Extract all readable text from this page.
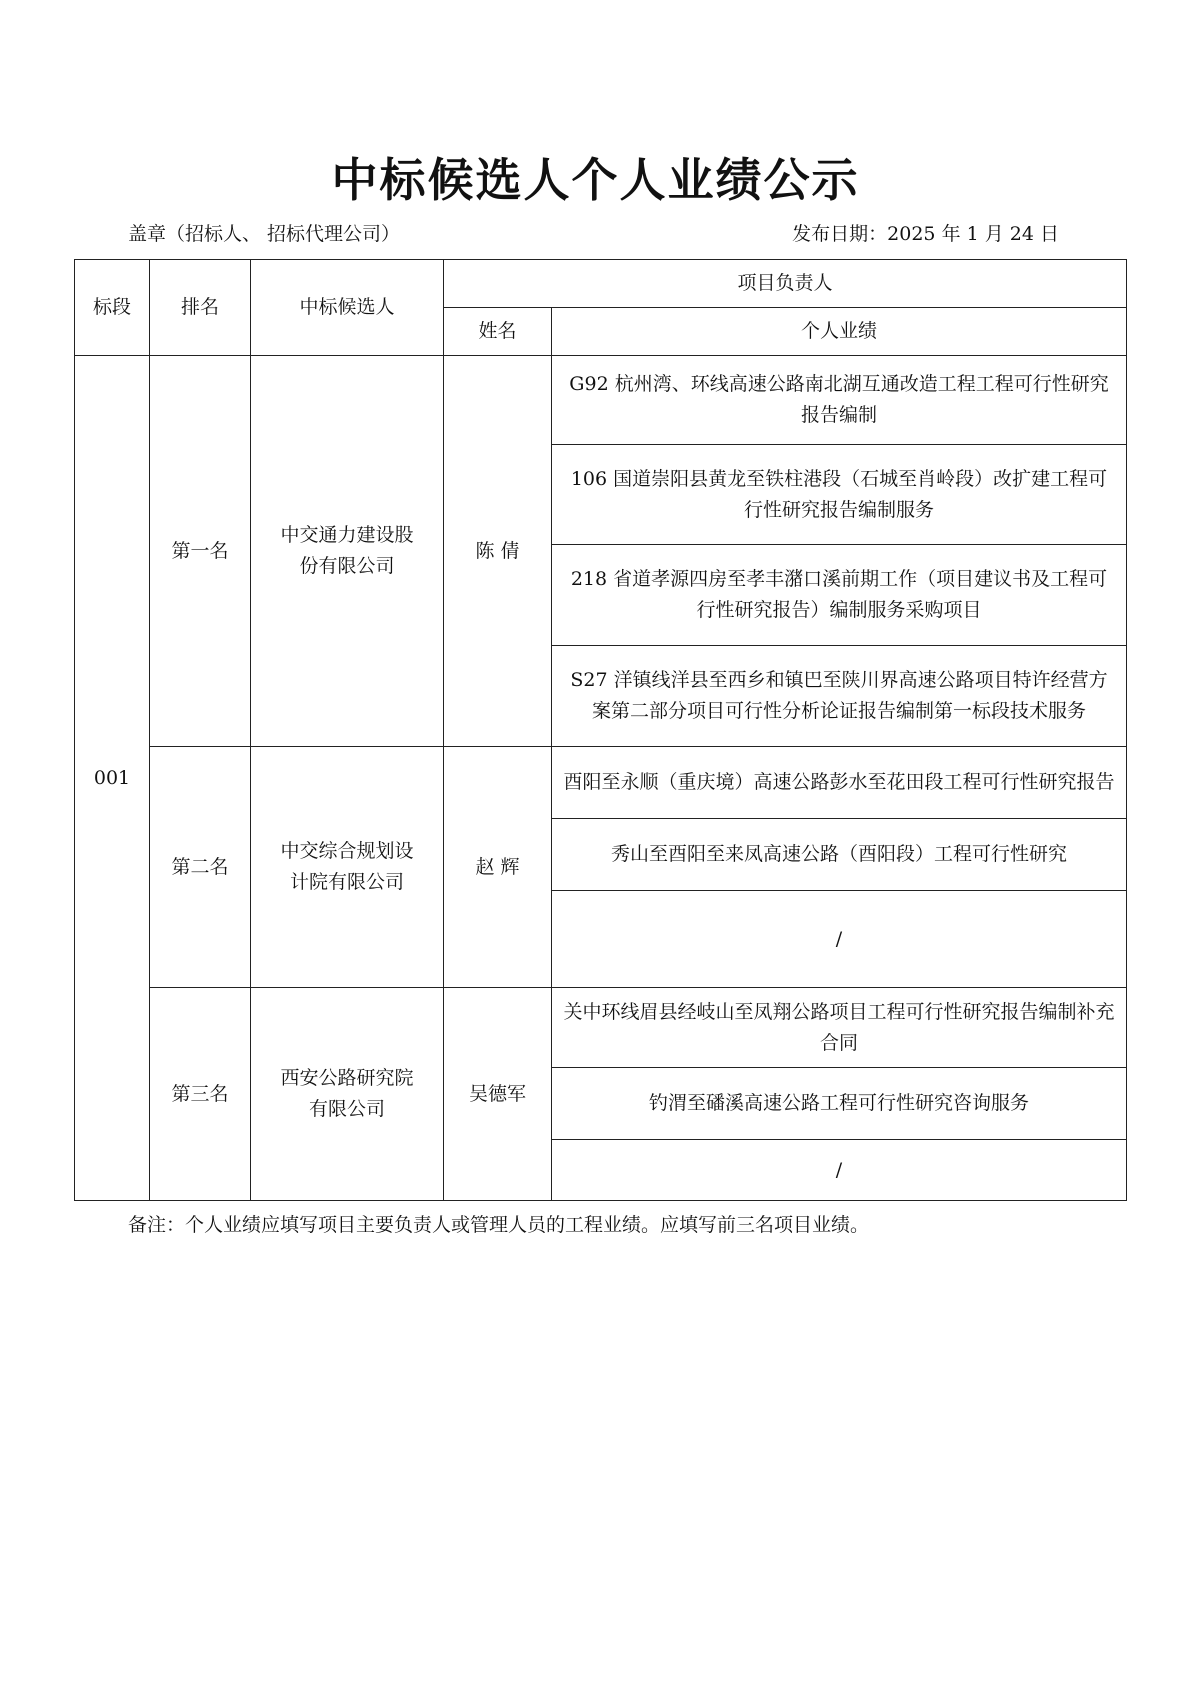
中标候选人个人业绩公示
盖章（招标人、 招标代理公司）	发布日期：2025 年 1 月 24 日
标段	排名	中标候选人	项目负责人	
			姓名	个人业绩
001	第一名	中交通力建设股份有限公司	陈 倩	G92 杭州湾、环线高速公路南北湖互通改造工程工程可行性研究报告编制
				106 国道崇阳县黄龙至铁柱港段（石城至肖岭段）改扩建工程可行性研究报告编制服务
				218 省道孝源四房至孝丰潴口溪前期工作（项目建议书及工程可行性研究报告）编制服务采购项目
				S27 洋镇线洋县至西乡和镇巴至陕川界高速公路项目特许经营方案第二部分项目可行性分析论证报告编制第一标段技术服务
	第二名	中交综合规划设计院有限公司	赵 辉	酉阳至永顺（重庆境）高速公路彭水至花田段工程可行性研究报告
				秀山至酉阳至来凤高速公路（酉阳段）工程可行性研究
				/
	第三名	西安公路研究院有限公司	吴德军	关中环线眉县经岐山至凤翔公路项目工程可行性研究报告编制补充合同
				钓渭至磻溪高速公路工程可行性研究咨询服务
				/
备注：个人业绩应填写项目主要负责人或管理人员的工程业绩。应填写前三名项目业绩。
